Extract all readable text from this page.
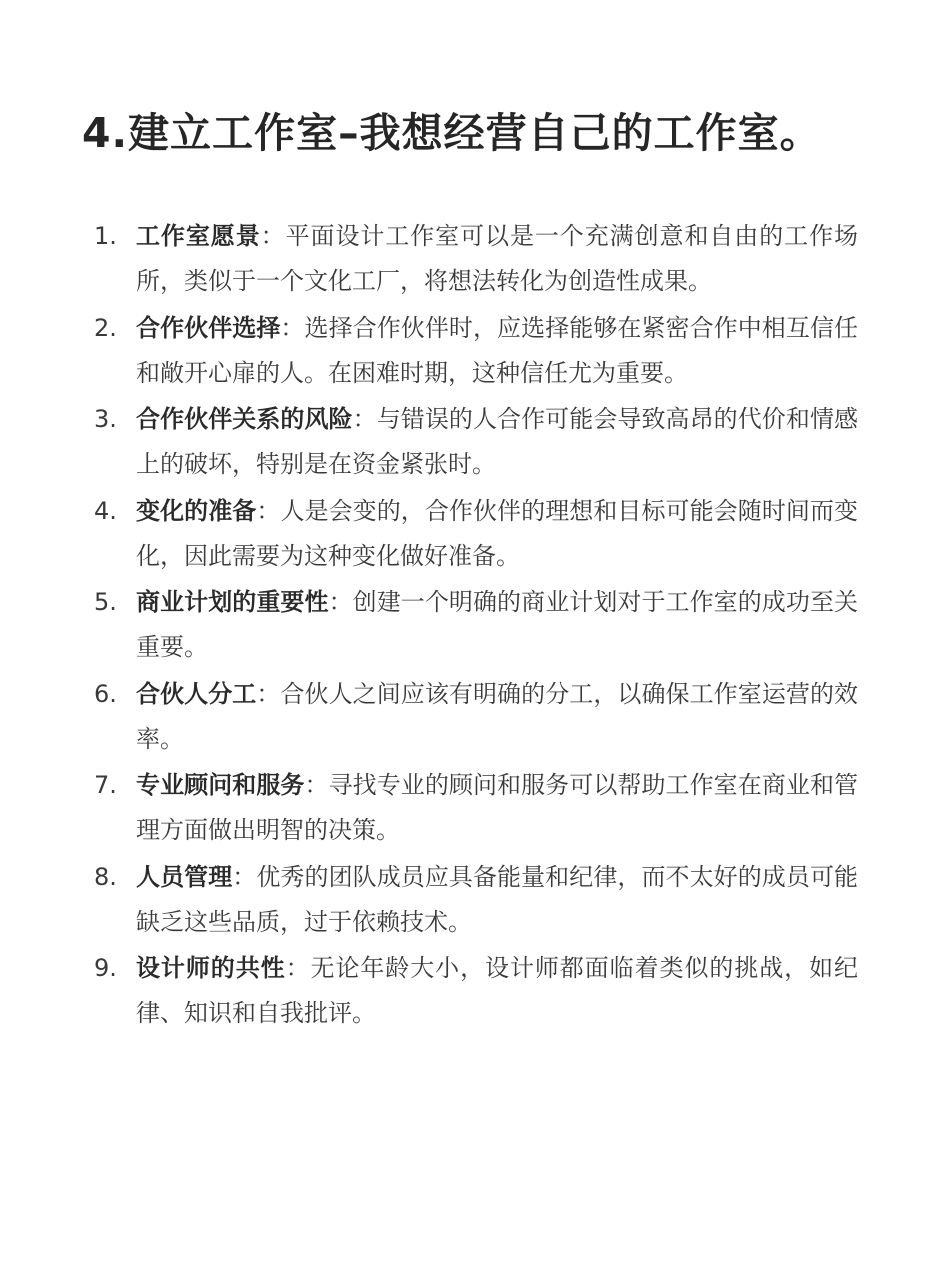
4.建立工作室–我想经营自己的工作室。
1. 工作室愿景：平面设计工作室可以是一个充满创意和自由的工作场所，类似于一个文化工厂，将想法转化为创造性成果。
2. 合作伙伴选择：选择合作伙伴时，应选择能够在紧密合作中相互信任和敞开心扉的人。在困难时期，这种信任尤为重要。
3. 合作伙伴关系的风险：与错误的人合作可能会导致高昂的代价和情感上的破坏，特别是在资金紧张时。
4. 变化的准备：人是会变的，合作伙伴的理想和目标可能会随时间而变化，因此需要为这种变化做好准备。
5. 商业计划的重要性：创建一个明确的商业计划对于工作室的成功至关重要。
6. 合伙人分工：合伙人之间应该有明确的分工，以确保工作室运营的效率。
7. 专业顾问和服务：寻找专业的顾问和服务可以帮助工作室在商业和管理方面做出明智的决策。
8. 人员管理：优秀的团队成员应具备能量和纪律，而不太好的成员可能缺乏这些品质，过于依赖技术。
9. 设计师的共性：无论年龄大小，设计师都面临着类似的挑战，如纪律、知识和自我批评。
